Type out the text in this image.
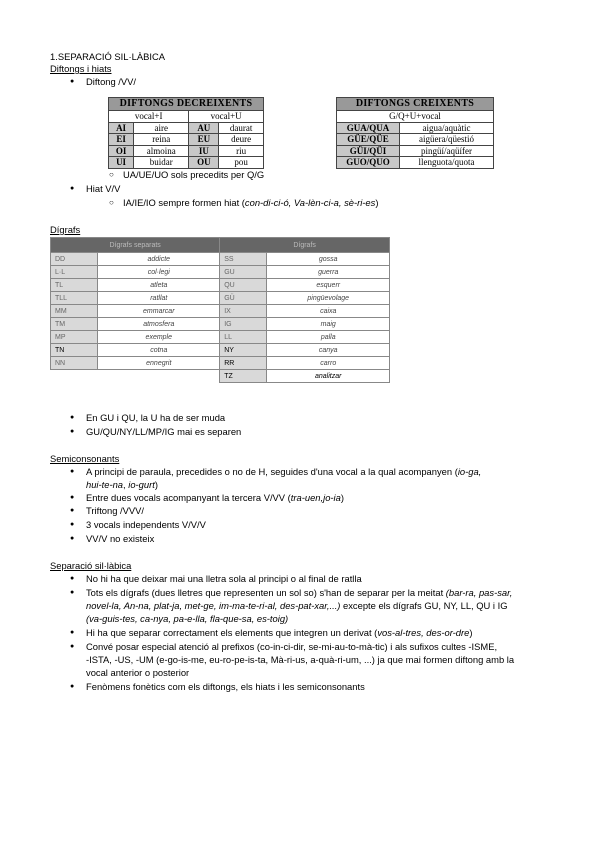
1.SEPARACIÓ SIL·LÀBICA
Diftongs i hiats
● Diftong /VV/
DIFTONGS DECREIXENTS			
vocal+I		vocal+U	
AI	aire	AU	daurat
EI	reina	EU	deure
OI	almoina	IU	riu
UI	buidar	OU	pou
DIFTONGS CREIXENTS	
G/Q+U+vocal	
GUA/QUA	aigua/aquàtic
GÜE/QÜE	aigüera/qüestió
GÜI/QÜI	pingüí/aqüífer
GUO/QUO	llenguota/quota
○ UA/UE/UO sols precedits per Q/G
● Hiat V/V
○ IA/IE/IO sempre formen hiat (con-di-ci-ó, Va-lèn-ci-a, sè-ri-es)
Dígrafs
Dígrafs separats		Dígrafs	
DD	addicte	SS	gossa
L·L	col·legi	GU	guerra
TL	atleta	QU	esquerr
TLL	ratllat	GÜ	pingüevolage
MM	emmarcar	IX	caixa
TM	atmosfera	IG	maig
MP	exemple	LL	palla
TN	cotna	NY	canya
NN	ennegrit	RR	carro
		TZ	analitzar
● En GU i QU, la U ha de ser muda
● GU/QU/NY/LL/MP/IG mai es separen
Semiconsonants
● A principi de paraula, precedides o no de H, seguides d'una vocal a la qual acompanyen (io-ga,
hui-te-na, io-gurt)
● Entre dues vocals acompanyant la tercera V/VV (tra-uen,jo-ia)
● Triftong /VVV/
● 3 vocals independents V/V/V
● VV/V no existeix
Separació sil·làbica
● No hi ha que deixar mai una lletra sola al principi o al final de ratlla
● Tots els dígrafs (dues lletres que representen un sol so) s'han de separar per la meitat (bar-ra, pas-sar,
novel-la, An-na, plat-ja, met-ge, im-ma-te-ri-al, des-pat-xar,...) excepte els dígrafs GU, NY, LL, QU i IG
(va-guis-tes, ca-nya, pa-e-lla, fla-que-sa, es-toig)
● Hi ha que separar correctament els elements que integren un derivat (vos-al-tres, des-or-dre)
● Convé posar especial atenció al prefixos (co-in-ci-dir, se-mi-au-to-mà-tic) i als sufixos cultes -ISME,
-ISTA, -US, -UM (e-go-is-me, eu-ro-pe-is-ta, Mà-ri-us, a-quà-ri-um, ...) ja que mai formen diftong amb la
vocal anterior o posterior
● Fenòmens fonètics com els diftongs, els hiats i les semiconsonants
